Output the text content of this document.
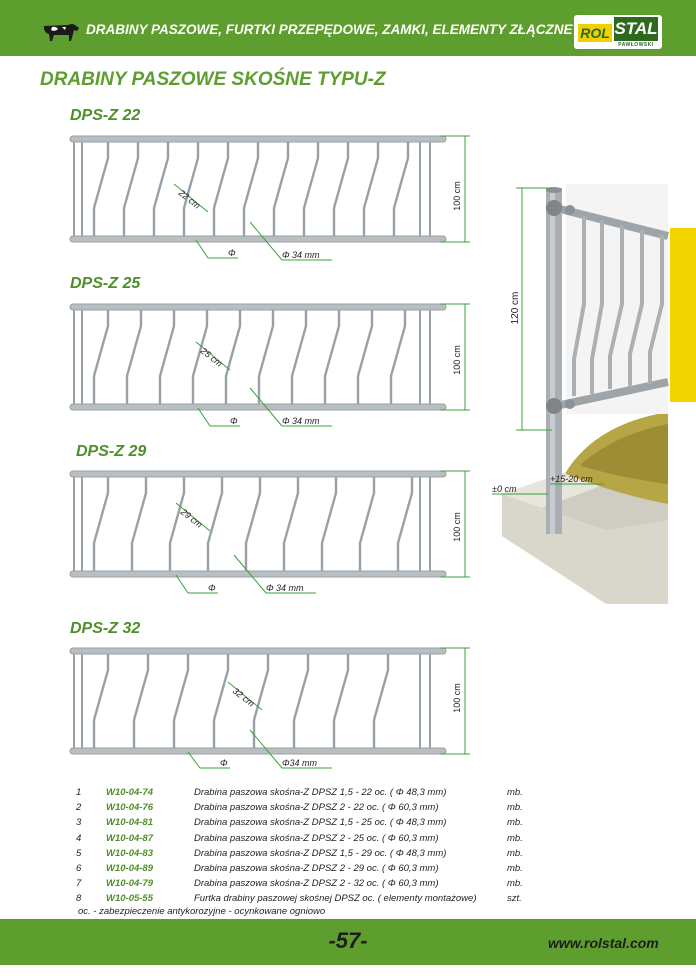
DRABINY PASZOWE, FURTKI PRZEPĘDOWE, ZAMKI, ELEMENTY ZŁĄCZNE ROL STAL
PAWŁOWSKI
DRABINY PASZOWE SKOŚNE TYPU-Z
DPS-Z 22
DPS-Z 25
DPS-Z 29
DPS-Z 32
22 cm	100 cm
Φ	Φ 34 mm
25 cm	100 cm
Φ	Φ 34 mm
29 cm	100 cm
Φ	Φ 34 mm
32 cm	100 cm
Φ	Φ34 mm
120 cm
±0 cm
+15-20 cm
1	W10-04-74	Drabina paszowa skośna-Z DPSZ 1,5 - 22 oc. ( Φ 48,3 mm)	mb.
2	W10-04-76	Drabina paszowa skośna-Z DPSZ 2 - 22 oc. ( Φ 60,3 mm)	mb.
3	W10-04-81	Drabina paszowa skośna-Z DPSZ 1,5 - 25 oc. ( Φ 48,3 mm)	mb.
4	W10-04-87	Drabina paszowa skośna-Z DPSZ 2 - 25 oc. ( Φ 60,3 mm)	mb.
5	W10-04-83	Drabina paszowa skośna-Z DPSZ 1,5 - 29 oc. ( Φ 48,3 mm)	mb.
6	W10-04-89	Drabina paszowa skośna-Z DPSZ 2 - 29 oc. ( Φ 60,3 mm)	mb.
7	W10-04-79	Drabina paszowa skośna-Z DPSZ 2 - 32 oc. ( Φ 60,3 mm)	mb.
8	W10-05-55	Furtka drabiny paszowej skośnej DPSZ oc. ( elementy montażowe)	szt.
oc. - zabezpieczenie antykorozyjne - ocynkowane ogniowo
-57-	www.rolstal.com
